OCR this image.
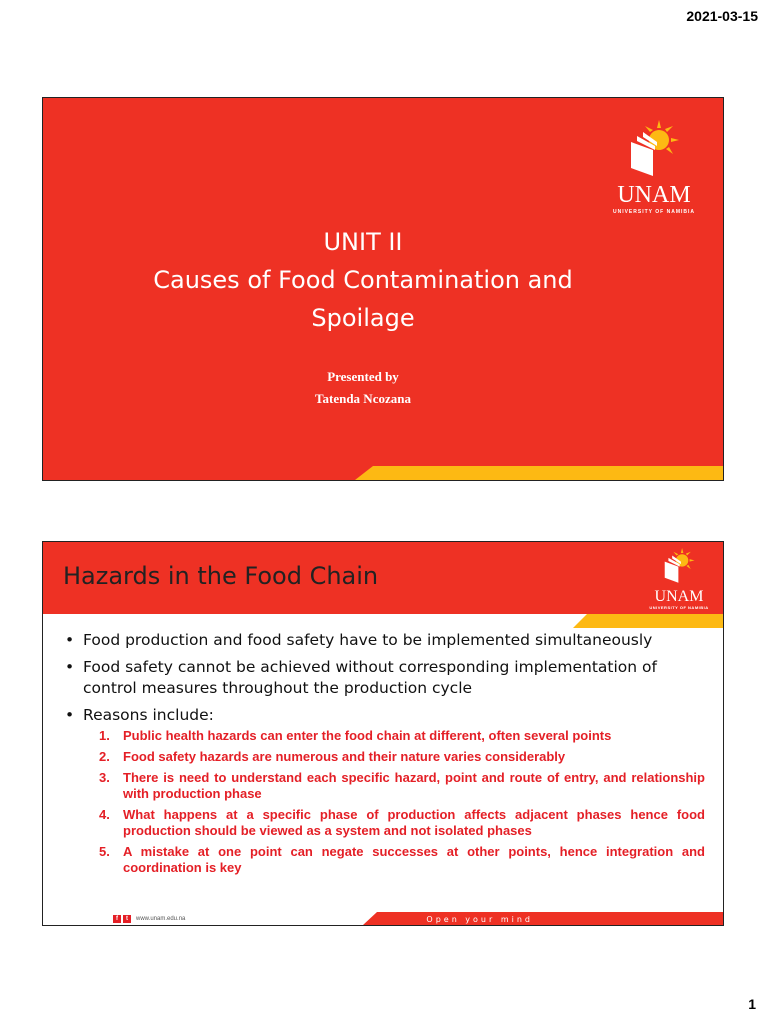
2021-03-15
UNAM
UNIVERSITY OF NAMIBIA
UNIT II
Causes of Food Contamination and
Spoilage
Presented by
Tatenda Ncozana
Hazards in the Food Chain
UNAM
UNIVERSITY OF NAMIBIA
• Food production and food safety have to be implemented simultaneously
• Food safety cannot be achieved without corresponding implementation of control measures throughout the production cycle
• Reasons include:
1. Public health hazards can enter the food chain at different, often several points
2. Food safety hazards are numerous and their nature varies considerably
3. There is need to understand each specific hazard, point and route of entry, and relationship with production phase
4. What happens at a specific phase of production affects adjacent phases hence food production should be viewed as a system and not isolated phases
5. A mistake at one point can negate successes at other points, hence integration and coordination is key
f	t	www.unam.edu.na	Open your mind
1
